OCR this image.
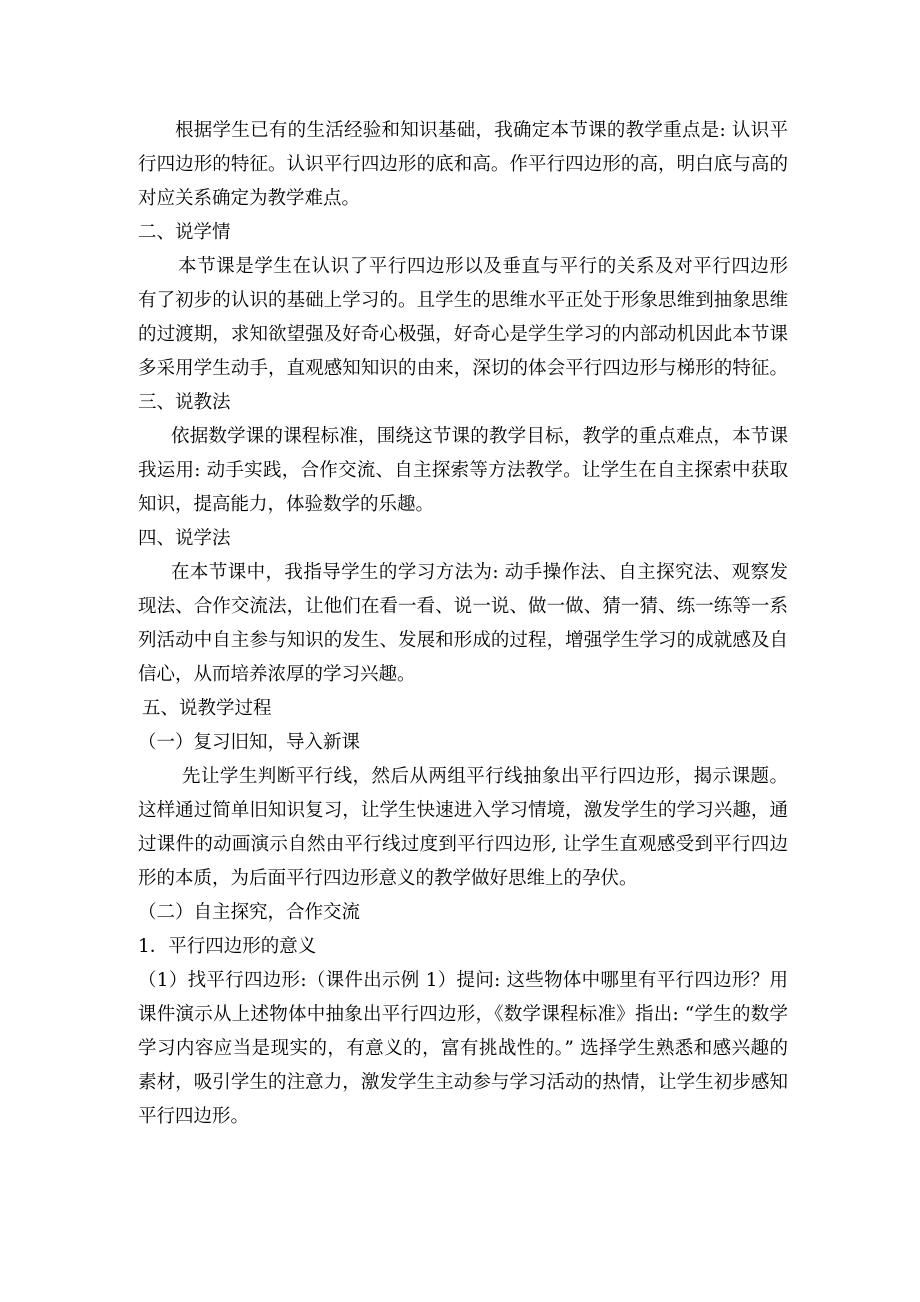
根据学生已有的生活经验和知识基础，我确定本节课的教学重点是: 认识平
行四边形的特征。认识平行四边形的底和高。作平行四边形的高，明白底与高的
对应关系确定为教学难点。
二、说学情
本节课是学生在认识了平行四边形以及垂直与平行的关系及对平行四边形
有了初步的认识的基础上学习的。且学生的思维水平正处于形象思维到抽象思维
的过渡期，求知欲望强及好奇心极强，好奇心是学生学习的内部动机因此本节课
多采用学生动手，直观感知知识的由来，深切的体会平行四边形与梯形的特征。
三、说教法
依据数学课的课程标准，围绕这节课的教学目标，教学的重点难点，本节课
我运用: 动手实践，合作交流、自主探索等方法教学。让学生在自主探索中获取
知识，提高能力，体验数学的乐趣。
四、说学法
在本节课中，我指导学生的学习方法为: 动手操作法、自主探究法、观察发
现法、合作交流法，让他们在看一看、说一说、做一做、猜一猜、练一练等一系
列活动中自主参与知识的发生、发展和形成的过程，增强学生学习的成就感及自
信心，从而培养浓厚的学习兴趣。
五、说教学过程
（一）复习旧知，导入新课
先让学生判断平行线，然后从两组平行线抽象出平行四边形，揭示课题。
这样通过简单旧知识复习，让学生快速进入学习情境，激发学生的学习兴趣，通
过课件的动画演示自然由平行线过度到平行四边形, 让学生直观感受到平行四边
形的本质，为后面平行四边形意义的教学做好思维上的孕伏。
（二）自主探究，合作交流
1．平行四边形的意义
（1）找平行四边形:（课件出示例 1）提问: 这些物体中哪里有平行四边形？用
课件演示从上述物体中抽象出平行四边形，《数学课程标准》指出: “学生的数学
学习内容应当是现实的，有意义的，富有挑战性的。” 选择学生熟悉和感兴趣的
素材，吸引学生的注意力，激发学生主动参与学习活动的热情，让学生初步感知
平行四边形。
